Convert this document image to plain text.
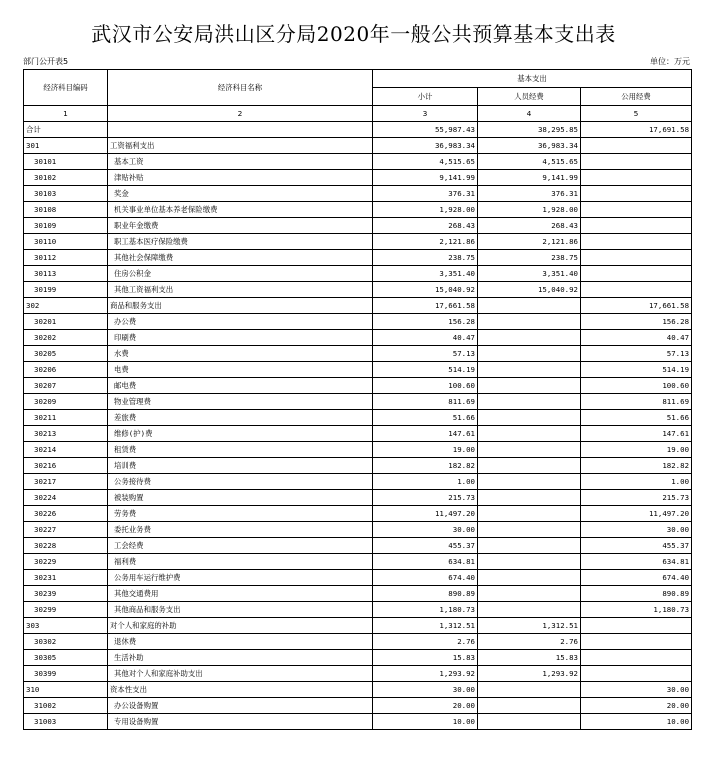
武汉市公安局洪山区分局2020年一般公共预算基本支出表
部门公开表5	单位：万元
经济科目编码	经济科目名称	基本支出		
		小计	人员经费	公用经费
1	2	3	4	5
合计		55,987.43	38,295.85	17,691.58
301	工资福利支出	36,983.34	36,983.34	
30101	基本工资	4,515.65	4,515.65	
30102	津贴补贴	9,141.99	9,141.99	
30103	奖金	376.31	376.31	
30108	机关事业单位基本养老保险缴费	1,928.00	1,928.00	
30109	职业年金缴费	268.43	268.43	
30110	职工基本医疗保险缴费	2,121.86	2,121.86	
30112	其他社会保障缴费	238.75	238.75	
30113	住房公积金	3,351.40	3,351.40	
30199	其他工资福利支出	15,040.92	15,040.92	
302	商品和服务支出	17,661.58		17,661.58
30201	办公费	156.28		156.28
30202	印刷费	40.47		40.47
30205	水费	57.13		57.13
30206	电费	514.19		514.19
30207	邮电费	100.60		100.60
30209	物业管理费	811.69		811.69
30211	差旅费	51.66		51.66
30213	维修(护)费	147.61		147.61
30214	租赁费	19.00		19.00
30216	培训费	182.82		182.82
30217	公务接待费	1.00		1.00
30224	被装购置	215.73		215.73
30226	劳务费	11,497.20		11,497.20
30227	委托业务费	30.00		30.00
30228	工会经费	455.37		455.37
30229	福利费	634.81		634.81
30231	公务用车运行维护费	674.40		674.40
30239	其他交通费用	890.89		890.89
30299	其他商品和服务支出	1,180.73		1,180.73
303	对个人和家庭的补助	1,312.51	1,312.51	
30302	退休费	2.76	2.76	
30305	生活补助	15.83	15.83	
30399	其他对个人和家庭补助支出	1,293.92	1,293.92	
310	资本性支出	30.00		30.00
31002	办公设备购置	20.00		20.00
31003	专用设备购置	10.00		10.00
